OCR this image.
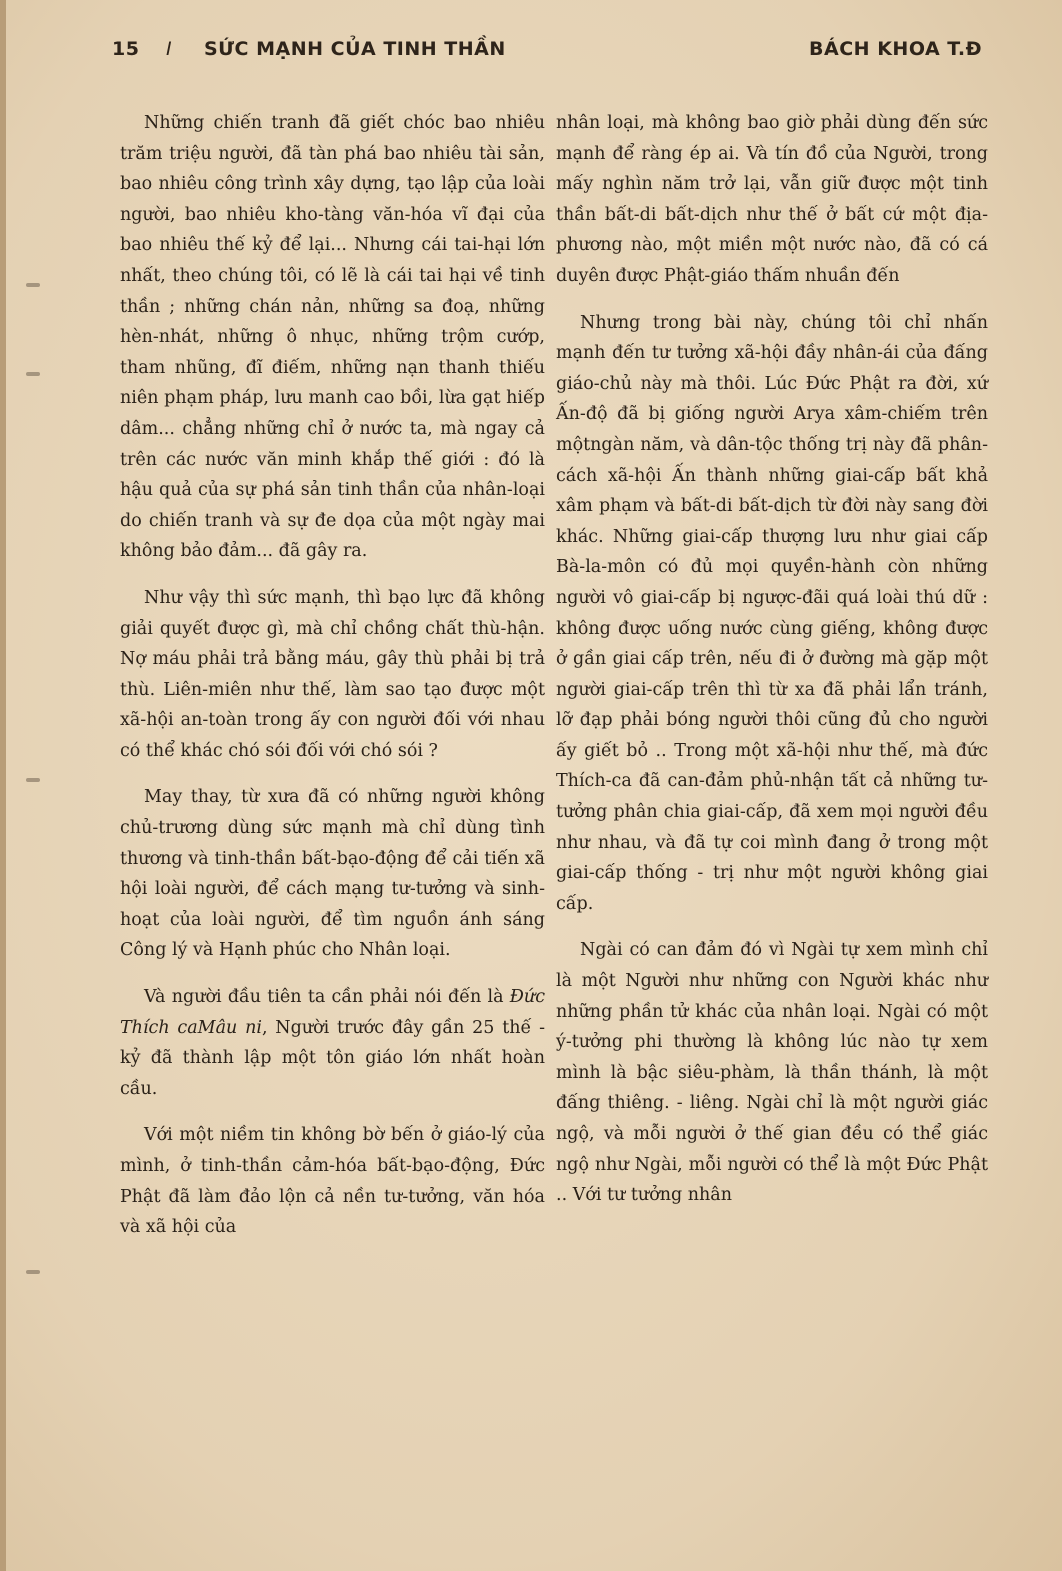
15 I SỨC MẠNH CỦA TINH THẦN	BÁCH KHOA T.Đ

Những chiến tranh đã giết chóc bao nhiêu trăm triệu người, đã tàn phá bao nhiêu tài sản, bao nhiêu công trình xây dựng, tạo lập của loài người, bao nhiêu kho-tàng văn-hóa vĩ đại của bao nhiêu thế kỷ để lại... Nhưng cái tai-hại lớn nhất, theo chúng tôi, có lẽ là cái tai hại về tinh thần ; những chán nản, những sa đoạ, những hèn-nhát, những ô nhục, những trộm cướp, tham nhũng, đĩ điếm, những nạn thanh thiếu niên phạm pháp, lưu manh cao bồi, lừa gạt hiếp dâm... chẳng những chỉ ở nước ta, mà ngay cả trên các nước văn minh khắp thế giới : đó là hậu quả của sự phá sản tinh thần của nhân-loại do chiến tranh và sự đe dọa của một ngày mai không bảo đảm... đã gây ra.

Như vậy thì sức mạnh, thì bạo lực đã không giải quyết được gì, mà chỉ chồng chất thù-hận. Nợ máu phải trả bằng máu, gây thù phải bị trả thù. Liên-miên như thế, làm sao tạo được một xã-hội an-toàn trong ấy con người đối với nhau có thể khác chó sói đối với chó sói ?

May thay, từ xưa đã có những người không chủ-trương dùng sức mạnh mà chỉ dùng tình thương và tinh-thần bất-bạo-động để cải tiến xã hội loài người, để cách mạng tư-tưởng và sinh-hoạt của loài người, để tìm nguồn ánh sáng Công lý và Hạnh phúc cho Nhân loại.

Và người đầu tiên ta cần phải nói đến là Đức Thích caMâu ni, Người trước đây gần 25 thế - kỷ đã thành lập một tôn giáo lớn nhất hoàn cầu.

Với một niềm tin không bờ bến ở giáo-lý của mình, ở tinh-thần cảm-hóa bất-bạo-động, Đức Phật đã làm đảo lộn cả nền tư-tưởng, văn hóa và xã hội của

nhân loại, mà không bao giờ phải dùng đến sức mạnh để ràng ép ai. Và tín đồ của Người, trong mấy nghìn năm trở lại, vẫn giữ được một tinh thần bất-di bất-dịch như thế ở bất cứ một địa-phương nào, một miền một nước nào, đã có cá duyên được Phật-giáo thấm nhuần đến

Nhưng trong bài này, chúng tôi chỉ nhấn mạnh đến tư tưởng xã-hội đầy nhân-ái của đấng giáo-chủ này mà thôi. Lúc Đức Phật ra đời, xứ Ấn-độ đã bị giống người Arya xâm-chiếm trên mộtngàn năm, và dân-tộc thống trị này đã phân-cách xã-hội Ấn thành những giai-cấp bất khả xâm phạm và bất-di bất-dịch từ đời này sang đời khác. Những giai-cấp thượng lưu như giai cấp Bà-la-môn có đủ mọi quyền-hành còn những người vô giai-cấp bị ngược-đãi quá loài thú dữ : không được uống nước cùng giếng, không được ở gần giai cấp trên, nếu đi ở đường mà gặp một người giai-cấp trên thì từ xa đã phải lẩn tránh, lỡ đạp phải bóng người thôi cũng đủ cho người ấy giết bỏ .. Trong một xã-hội như thế, mà đức Thích-ca đã can-đảm phủ-nhận tất cả những tư-tưởng phân chia giai-cấp, đã xem mọi người đều như nhau, và đã tự coi mình đang ở trong một giai-cấp thống - trị như một người không giai cấp.

Ngài có can đảm đó vì Ngài tự xem mình chỉ là một Người như những con Người khác như những phần tử khác của nhân loại. Ngài có một ý-tưởng phi thường là không lúc nào tự xem mình là bậc siêu-phàm, là thần thánh, là một đấng thiêng. - liêng. Ngài chỉ là một người giác ngộ, và mỗi người ở thế gian đều có thể giác ngộ như Ngài, mỗi người có thể là một Đức Phật .. Với tư tưởng nhân
